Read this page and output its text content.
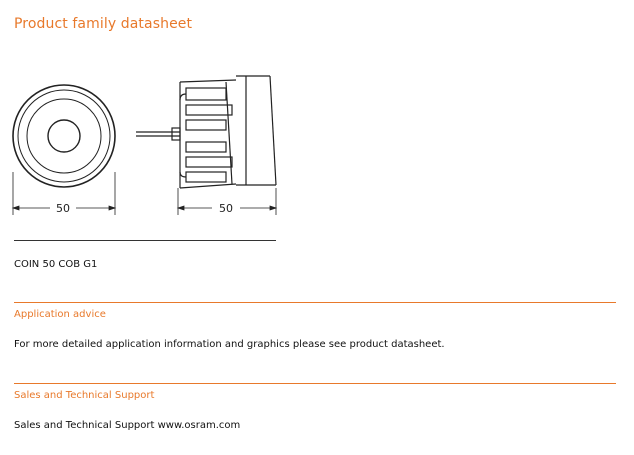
Product family datasheet
50	50
COIN 50 COB G1
Application advice
For more detailed application information and graphics please see product datasheet.
Sales and Technical Support
Sales and Technical Support www.osram.com
